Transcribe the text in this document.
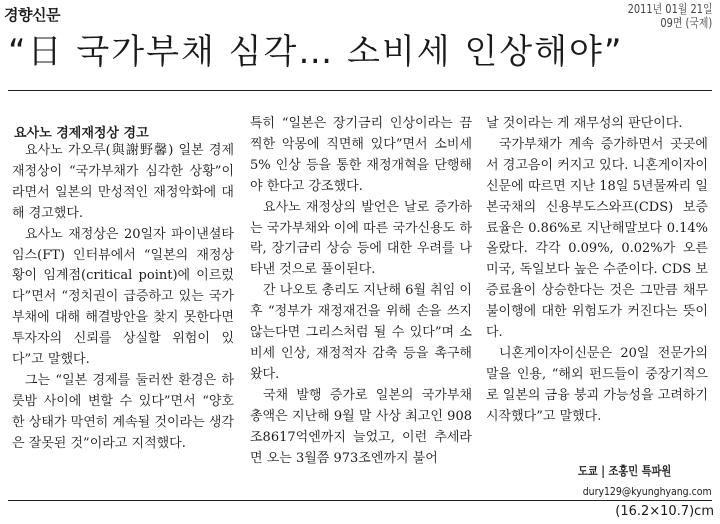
경향신문	2011년 01월 21일
09면 (국제)
“日 국가부채 심각… 소비세 인상해야”
요사노 경제재정상 경고

요사노 가오루(與謝野馨) 일본 경제재정상이 “국가부채가 심각한 상황”이라면서 일본의 만성적인 재정악화에 대해 경고했다.

요사노 재정상은 20일자 파이낸셜타임스(FT) 인터뷰에서 “일본의 재정상황이 임계점(critical point)에 이르렀다”면서 “정치권이 급증하고 있는 국가부채에 대해 해결방안을 찾지 못한다면 투자자의 신뢰를 상실할 위험이 있다”고 말했다.

그는 “일본 경제를 둘러싼 환경은 하룻밤 사이에 변할 수 있다”면서 “양호한 상태가 막연히 계속될 것이라는 생각은 잘못된 것”이라고 지적했다.

특히 “일본은 장기금리 인상이라는 끔찍한 악몽에 직면해 있다”면서 소비세 5% 인상 등을 통한 재정개혁을 단행해야 한다고 강조했다.

요사노 재정상의 발언은 날로 증가하는 국가부채와 이에 따른 국가신용도 하락, 장기금리 상승 등에 대한 우려를 나타낸 것으로 풀이된다.

간 나오토 총리도 지난해 6월 취임 이후 “정부가 재정재건을 위해 손을 쓰지 않는다면 그리스처럼 될 수 있다”며 소비세 인상, 재정적자 감축 등을 촉구해왔다.

국채 발행 증가로 일본의 국가부채 총액은 지난해 9월 말 사상 최고인 908조8617억엔까지 늘었고, 이런 추세라면 오는 3월쯤 973조엔까지 불어

날 것이라는 게 재무성의 판단이다.

국가부채가 계속 증가하면서 곳곳에서 경고음이 커지고 있다. 니혼게이자이신문에 따르면 지난 18일 5년물짜리 일본국채의 신용부도스와프(CDS) 보증료율은 0.86%로 지난해말보다 0.14% 올랐다. 각각 0.09%, 0.02%가 오른 미국, 독일보다 높은 수준이다. CDS 보증료율이 상승한다는 것은 그만큼 채무불이행에 대한 위험도가 커진다는 뜻이다.

니혼게이자이신문은 20일 전문가의 말을 인용, “해외 펀드들이 중장기적으로 일본의 금융 붕괴 가능성을 고려하기 시작했다”고 말했다.

도쿄 | 조홍민 특파원
dury129@kyunghyang.com
(16.2×10.7)cm
